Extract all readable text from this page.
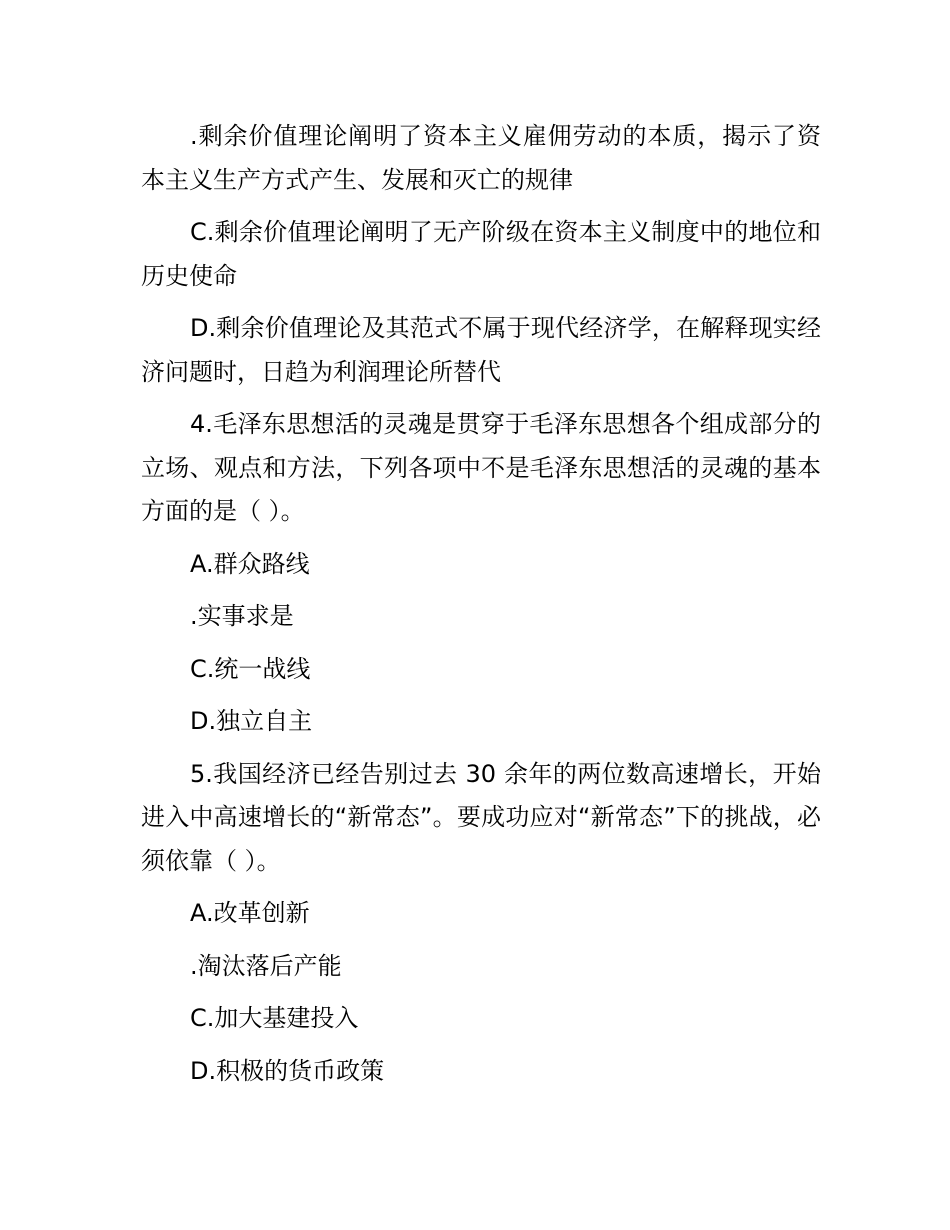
.剩余价值理论阐明了资本主义雇佣劳动的本质，揭示了资本主义生产方式产生、发展和灭亡的规律

C.剩余价值理论阐明了无产阶级在资本主义制度中的地位和历史使命

D.剩余价值理论及其范式不属于现代经济学，在解释现实经济问题时，日趋为利润理论所替代

4.毛泽东思想活的灵魂是贯穿于毛泽东思想各个组成部分的立场、观点和方法，下列各项中不是毛泽东思想活的灵魂的基本方面的是（ ）。

A.群众路线

.实事求是

C.统一战线

D.独立自主

5.我国经济已经告别过去 30 余年的两位数高速增长，开始进入中高速增长的“新常态”。要成功应对“新常态”下的挑战，必须依靠（ ）。

A.改革创新

.淘汰落后产能

C.加大基建投入

D.积极的货币政策
